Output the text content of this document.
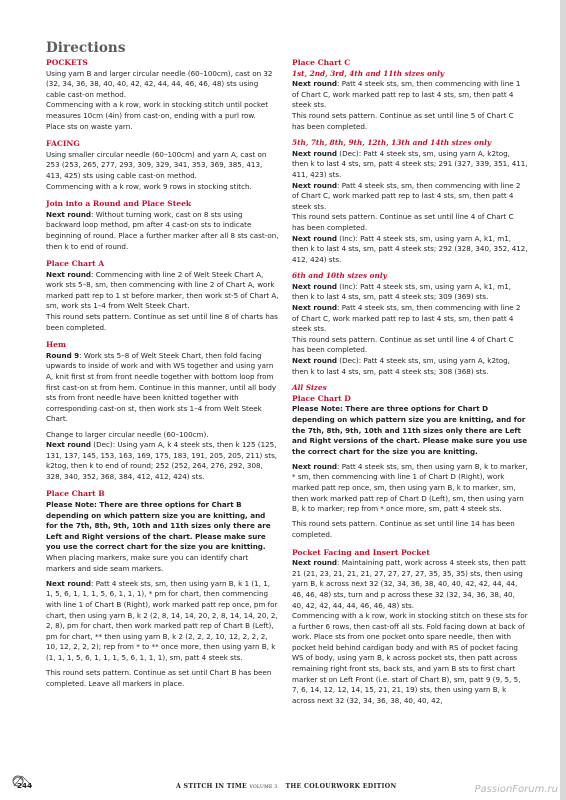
Directions
POCKETS
Using yarn B and larger circular needle (60–100cm), cast on 32 (32, 34, 36, 38, 40, 40, 42, 42, 44, 44, 46, 46, 48) sts using cable cast-on method.
Commencing with a k row, work in stocking stitch until pocket measures 10cm (4in) from cast-on, ending with a purl row.
Place sts on waste yarn.
FACING
Using smaller circular needle (60–100cm) and yarn A, cast on 253 (253, 265, 277, 293, 309, 329, 341, 353, 369, 385, 413, 413, 425) sts using cable cast-on method.
Commencing with a k row, work 9 rows in stocking stitch.
Join into a Round and Place Steek
Next round: Without turning work, cast on 8 sts using backward loop method, pm after 4 cast-on sts to indicate beginning of round. Place a further marker after all 8 sts cast-on, then k to end of round.
Place Chart A
Next round: Commencing with line 2 of Welt Steek Chart A, work sts 5–8, sm, then commencing with line 2 of Chart A, work marked patt rep to 1 st before marker, then work st-5 of Chart A, sm, work sts 1–4 from Welt Steek Chart.
This round sets pattern. Continue as set until line 8 of charts has been completed.
Hem
Round 9: Work sts 5–8 of Welt Steek Chart, then fold facing upwards to inside of work and with WS together and using yarn A, knit first st from front needle together with bottom loop from first cast-on st from hem. Continue in this manner, until all body sts from front needle have been knitted together with corresponding cast-on st, then work sts 1–4 from Welt Steek Chart.
Change to larger circular needle (60–100cm).
Next round (Dec): Using yarn A, k 4 steek sts, then k 125 (125, 131, 137, 145, 153, 163, 169, 175, 183, 191, 205, 205, 211) sts, k2tog, then k to end of round; 252 (252, 264, 276, 292, 308, 328, 340, 352, 368, 384, 412, 412, 424) sts.
Place Chart B
Please Note: There are three options for Chart B depending on which pattern size you are knitting, and for the 7th, 8th, 9th, 10th and 11th sizes only there are Left and Right versions of the chart. Please make sure you use the correct chart for the size you are knitting.
When placing markers, make sure you can identify chart markers and side seam markers.
Next round: Patt 4 steek sts, sm, then using yarn B, k 1 (1, 1, 1, 5, 6, 1, 1, 1, 5, 6, 1, 1, 1), * pm for chart, then commencing with line 1 of Chart B (Right), work marked patt rep once, pm for chart, then using yarn B, k 2 (2, 8, 14, 14, 20, 2, 8, 14, 14, 20, 2, 2, 8), pm for chart, then work marked patt rep of Chart B (Left), pm for chart, ** then using yarn B, k 2 (2, 2, 2, 10, 12, 2, 2, 2, 10, 12, 2, 2, 2); rep from * to ** once more, then using yarn B, k (1, 1, 1, 5, 6, 1, 1, 1, 5, 6, 1, 1, 1), sm, patt 4 steek sts.
This round sets pattern. Continue as set until Chart B has been completed. Leave all markers in place.
Place Chart C
1st, 2nd, 3rd, 4th and 11th sizes only
Next round: Patt 4 steek sts, sm, then commencing with line 1 of Chart C, work marked patt rep to last 4 sts, sm, then patt 4 steek sts.
This round sets pattern. Continue as set until line 5 of Chart C has been completed.
5th, 7th, 8th, 9th, 12th, 13th and 14th sizes only
Next round (Dec): Patt 4 steek sts, sm, using yarn A, k2tog, then k to last 4 sts, sm, patt 4 steek sts; 291 (327, 339, 351, 411, 411, 423) sts.
Next round: Patt 4 steek sts, sm, then commencing with line 2 of Chart C, work marked patt rep to last 4 sts, sm, then patt 4 steek sts.
This round sets pattern. Continue as set until line 4 of Chart C has been completed.
Next round (Inc): Patt 4 steek sts, sm, using yarn A, k1, m1, then k to last 4 sts, sm, patt 4 steek sts; 292 (328, 340, 352, 412, 412, 424) sts.
6th and 10th sizes only
Next round (Inc): Patt 4 steek sts, sm, using yarn A, k1, m1, then k to last 4 sts, sm, patt 4 steek sts; 309 (369) sts.
Next round: Patt 4 steek sts, sm, then commencing with line 2 of Chart C, work marked patt rep to last 4 sts, sm, then patt 4 steek sts.
This round sets pattern. Continue as set until line 4 of Chart C has been completed.
Next round (Dec): Patt 4 steek sts, sm, using yarn A, k2tog, then k to last 4 sts, sm, patt 4 steek sts; 308 (368) sts.
All Sizes
Place Chart D
Please Note: There are three options for Chart D depending on which pattern size you are knitting, and for the 7th, 8th, 9th, 10th and 11th sizes only there are Left and Right versions of the chart. Please make sure you use the correct chart for the size you are knitting.
Next round: Patt 4 steek sts, sm, then using yarn B, k to marker, * sm, then commencing with line 1 of Chart D (Right), work marked patt rep once, sm, then using yarn B, k to marker, sm, then work marked patt rep of Chart D (Left), sm, then using yarn B, k to marker; rep from * once more, sm, patt 4 steek sts.
This round sets pattern. Continue as set until line 14 has been completed.
Pocket Facing and Insert Pocket
Next round: Maintaining patt, work across 4 steek sts, then patt 21 (21, 23, 21, 21, 21, 27, 27, 27, 27, 35, 35, 35) sts, then using yarn B, k across next 32 (32, 34, 36, 38, 40, 40, 42, 42, 44, 44, 46, 46, 48) sts, turn and p across these 32 (32, 34, 36, 38, 40, 40, 42, 42, 44, 44, 46, 46, 48) sts.
Commencing with a k row, work in stocking stitch on these sts for a further 6 rows, then cast-off all sts. Fold facing down at back of work. Place sts from one pocket onto spare needle, then with pocket held behind cardigan body and with RS of pocket facing WS of body, using yarn B, k across pocket sts, then patt across remaining right front sts, back sts, and yarn B sts to first chart marker st on Left Front (i.e. start of Chart B), sm, patt 9 (9, 5, 5, 7, 6, 14, 12, 12, 14, 15, 21, 21, 19) sts, then using yarn B, k across next 32 (32, 34, 36, 38, 40, 40, 42,
244	A STITCH IN TIME VOLUME 3 THE COLOURWORK EDITION	PassionForum.ru
